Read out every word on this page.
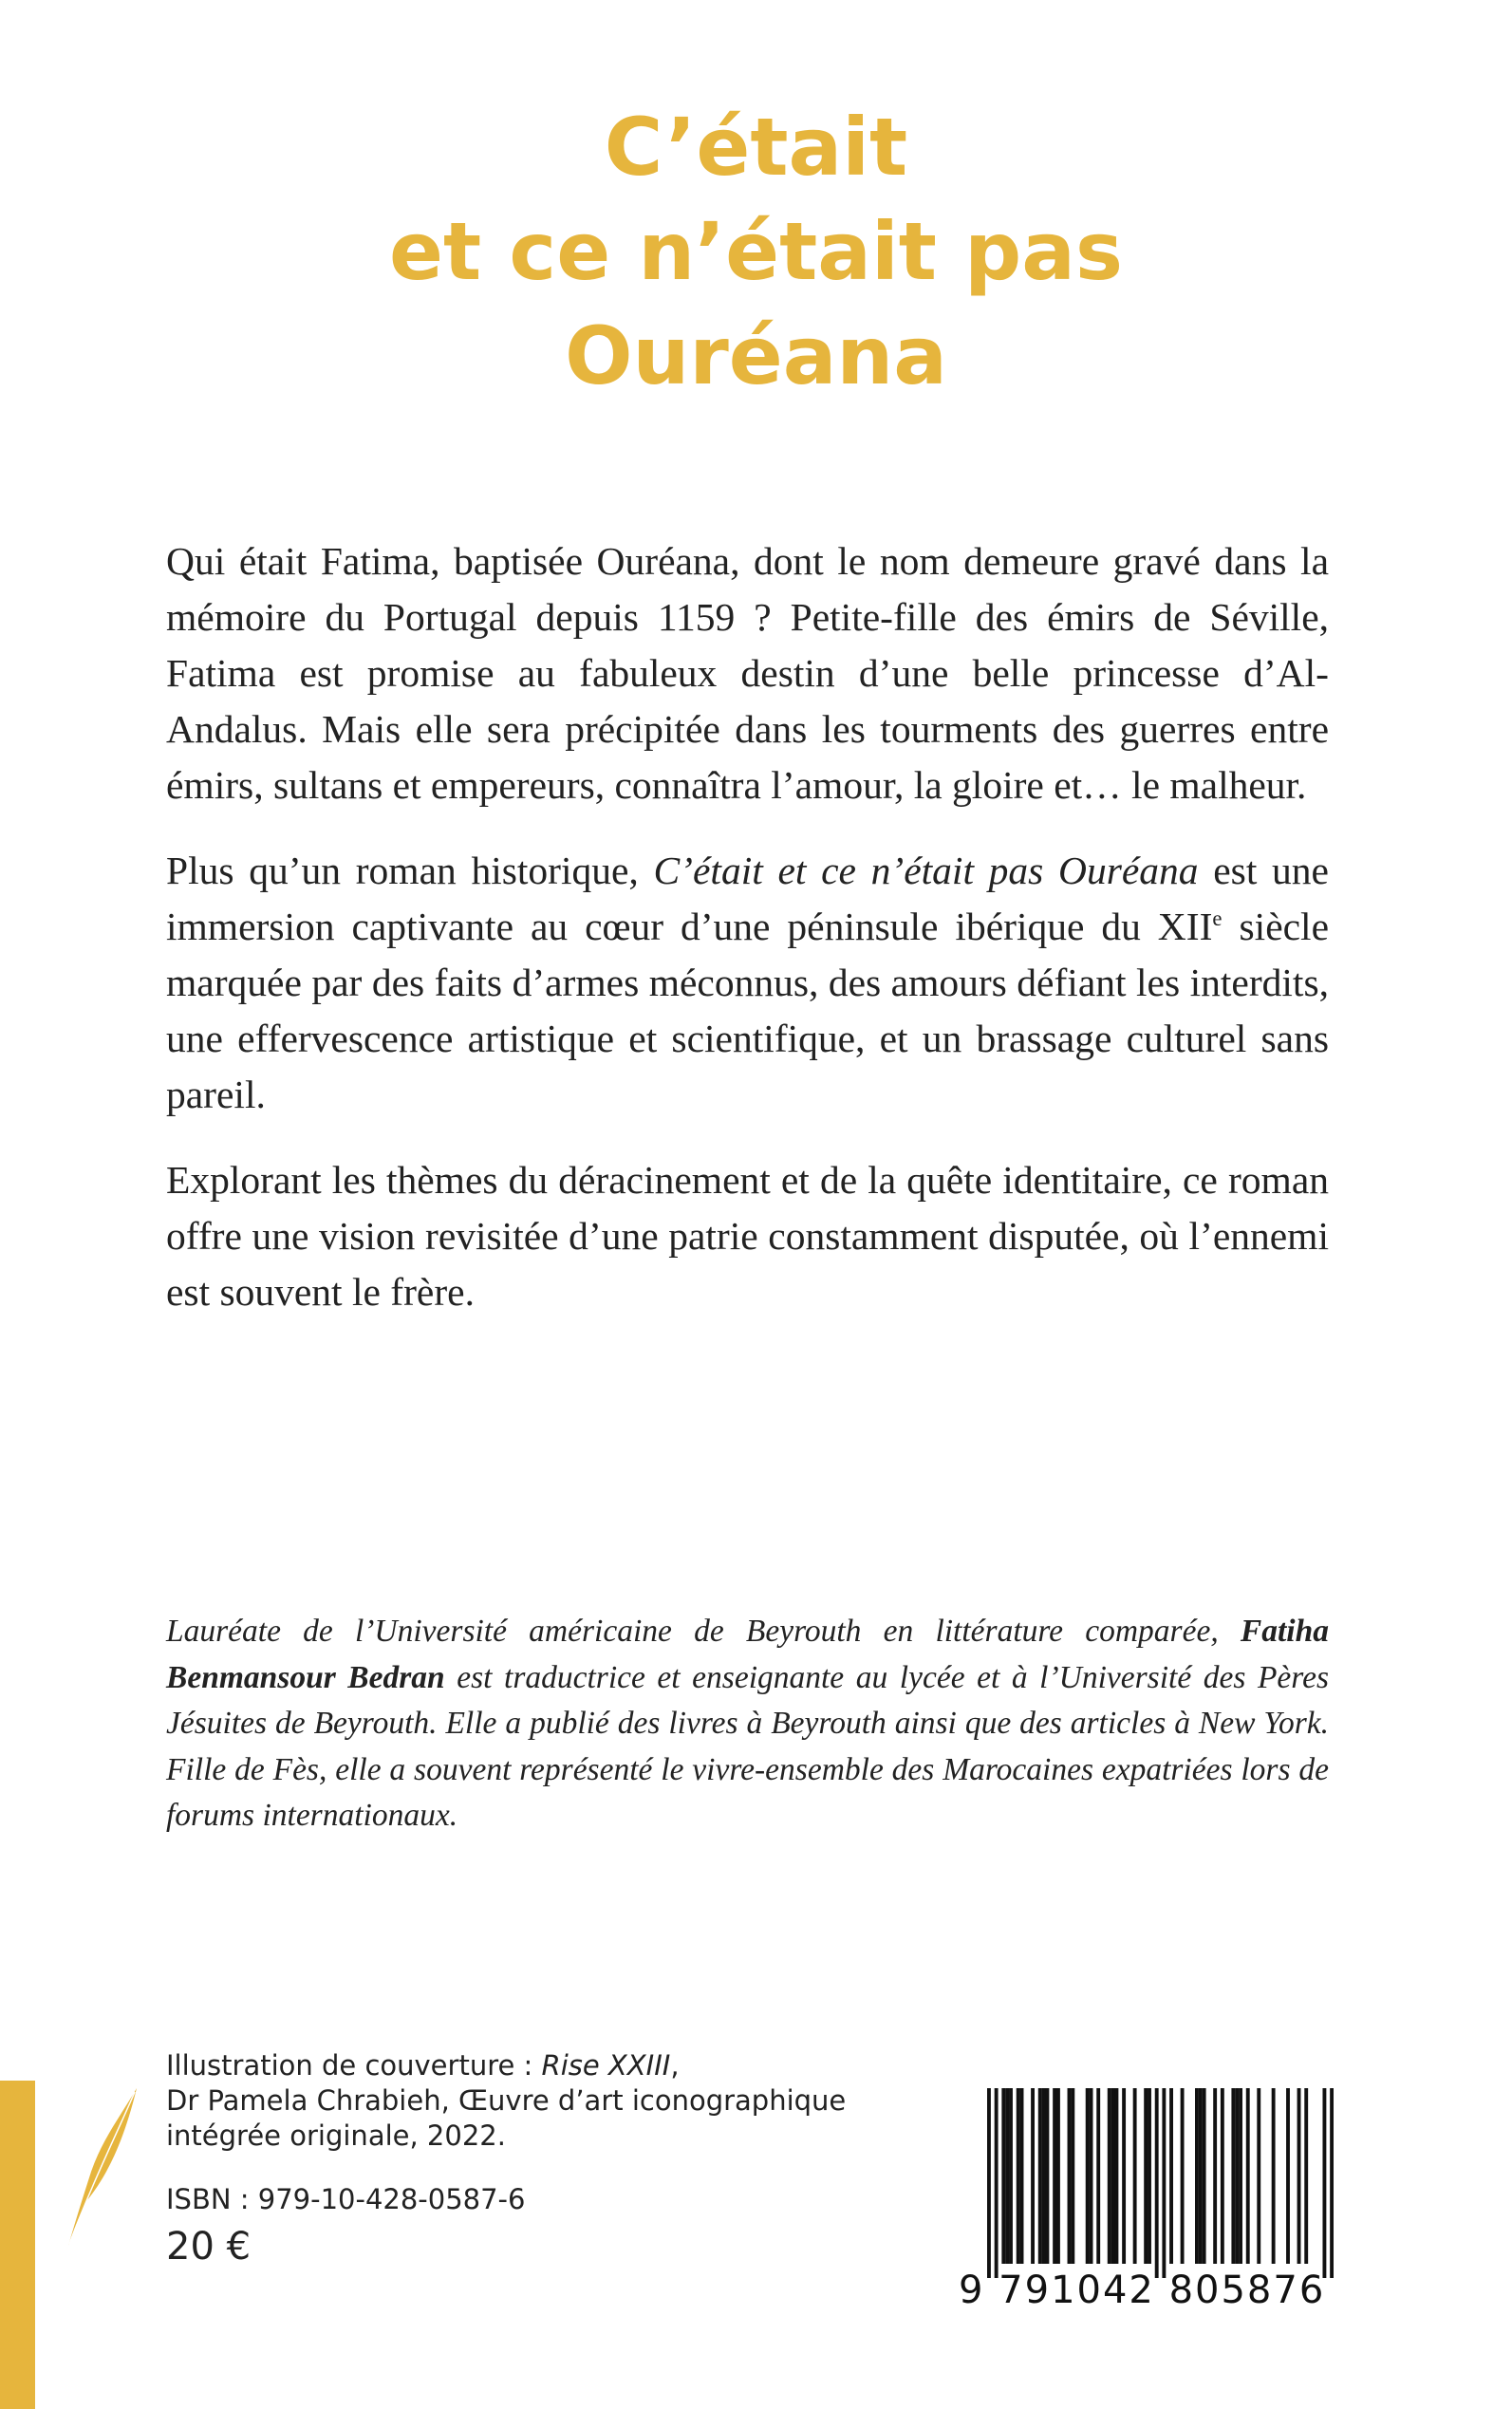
C’était
et ce n’était pas
Ouréana

Qui était Fatima, baptisée Ouréana, dont le nom demeure gravé dans la mémoire du Portugal depuis 1159 ? Petite-fille des émirs de Séville, Fatima est promise au fabuleux destin d’une belle princesse d’Al-Andalus. Mais elle sera précipitée dans les tourments des guerres entre émirs, sultans et empereurs, connaîtra l’amour, la gloire et… le malheur.

Plus qu’un roman historique, C’était et ce n’était pas Ouréana est une immersion captivante au cœur d’une péninsule ibérique du XIIe siècle marquée par des faits d’armes méconnus, des amours défiant les interdits, une effervescence artistique et scientifique, et un brassage culturel sans pareil.

Explorant les thèmes du déracinement et de la quête identitaire, ce roman offre une vision revisitée d’une patrie constamment disputée, où l’ennemi est souvent le frère.

Lauréate de l’Université américaine de Beyrouth en littérature comparée, Fatiha Benmansour Bedran est traductrice et enseignante au lycée et à l’Université des Pères Jésuites de Beyrouth. Elle a publié des livres à Beyrouth ainsi que des articles à New York. Fille de Fès, elle a souvent représenté le vivre-ensemble des Marocaines expatriées lors de forums internationaux.

Illustration de couverture : Rise XXIII,
Dr Pamela Chrabieh, Œuvre d’art iconographique
intégrée originale, 2022.
ISBN : 979-10-428-0587-6
20 €
9 791042 805876
